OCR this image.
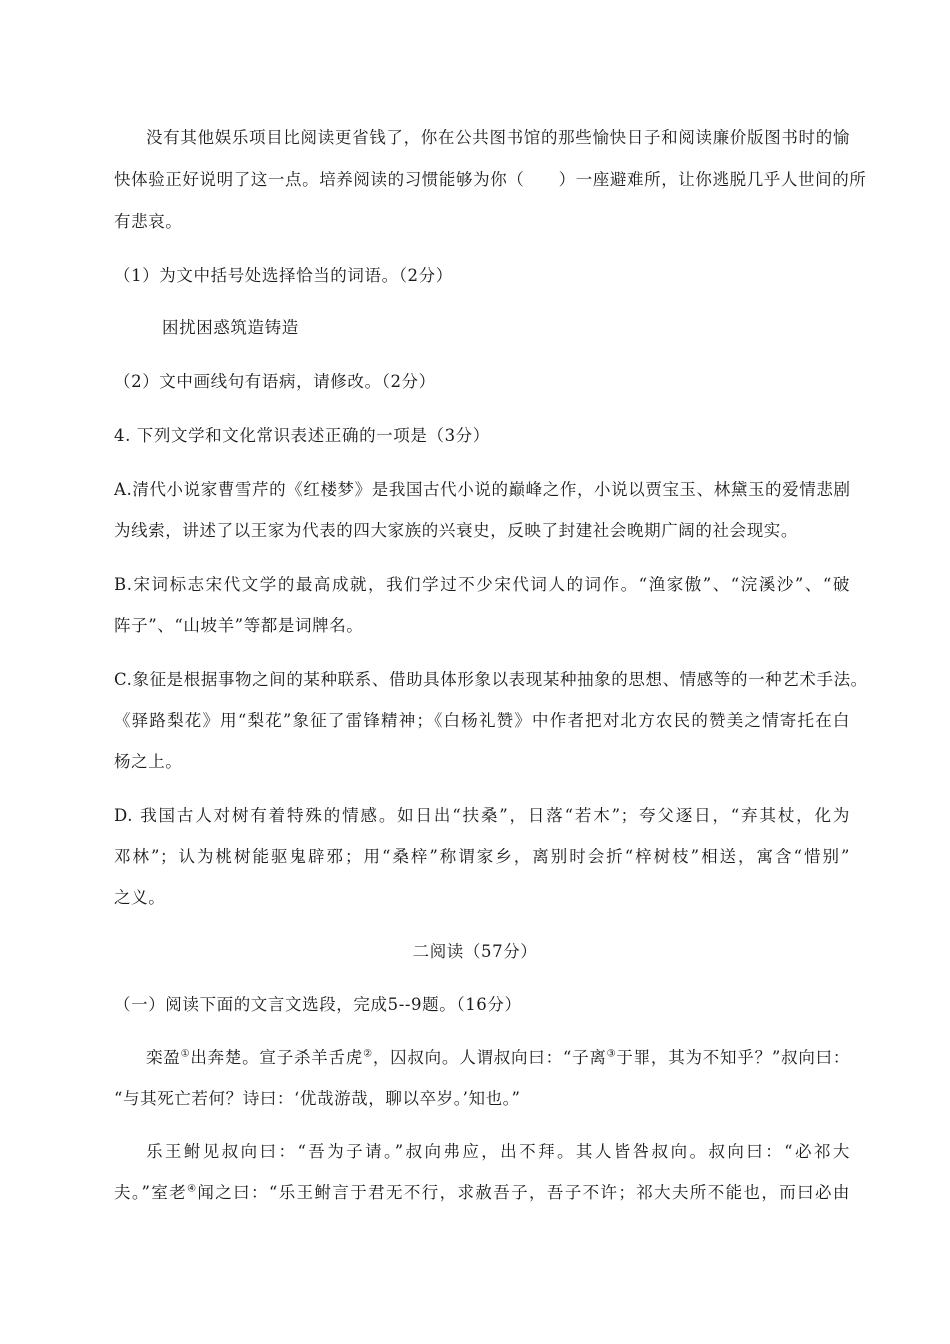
没有其他娱乐项目比阅读更省钱了，你在公共图书馆的那些愉快日子和阅读廉价版图书时的愉
快体验正好说明了这一点。培养阅读的习惯能够为你（　　）一座避难所，让你逃脱几乎人世间的所
有悲哀。
（1）为文中括号处选择恰当的词语。（2分）
困扰困惑筑造铸造
（2）文中画线句有语病，请修改。（2分）
4. 下列文学和文化常识表述正确的一项是（3分）
A.清代小说家曹雪芹的《红楼梦》是我国古代小说的巅峰之作，小说以贾宝玉、林黛玉的爱情悲剧
为线索，讲述了以王家为代表的四大家族的兴衰史，反映了封建社会晚期广阔的社会现实。
B.宋词标志宋代文学的最高成就，我们学过不少宋代词人的词作。“渔家傲”、“浣溪沙”、“破
阵子”、“山坡羊”等都是词牌名。
C.象征是根据事物之间的某种联系、借助具体形象以表现某种抽象的思想、情感等的一种艺术手法。
《驿路梨花》用“梨花”象征了雷锋精神；《白杨礼赞》中作者把对北方农民的赞美之情寄托在白
杨之上。
D. 我国古人对树有着特殊的情感。如日出“扶桑”，日落“若木”；夸父逐日，“弃其杖，化为
邓林”；认为桃树能驱鬼辟邪；用“桑梓”称谓家乡，离别时会折“梓树枝”相送，寓含“惜别”
之义。
二阅读（57分）
（一）阅读下面的文言文选段，完成5--9题。（16分）
栾盈①出奔楚。宣子杀羊舌虎②，囚叔向。人谓叔向曰：“子离③于罪，其为不知乎？”叔向曰：
“与其死亡若何？诗曰：‘优哉游哉，聊以卒岁。’知也。”
乐王鲋见叔向曰：“吾为子请。”叔向弗应，出不拜。其人皆咎叔向。叔向曰：“必祁大
夫。”室老④闻之曰：“乐王鲋言于君无不行，求赦吾子，吾子不许；祁大夫所不能也，而曰必由
